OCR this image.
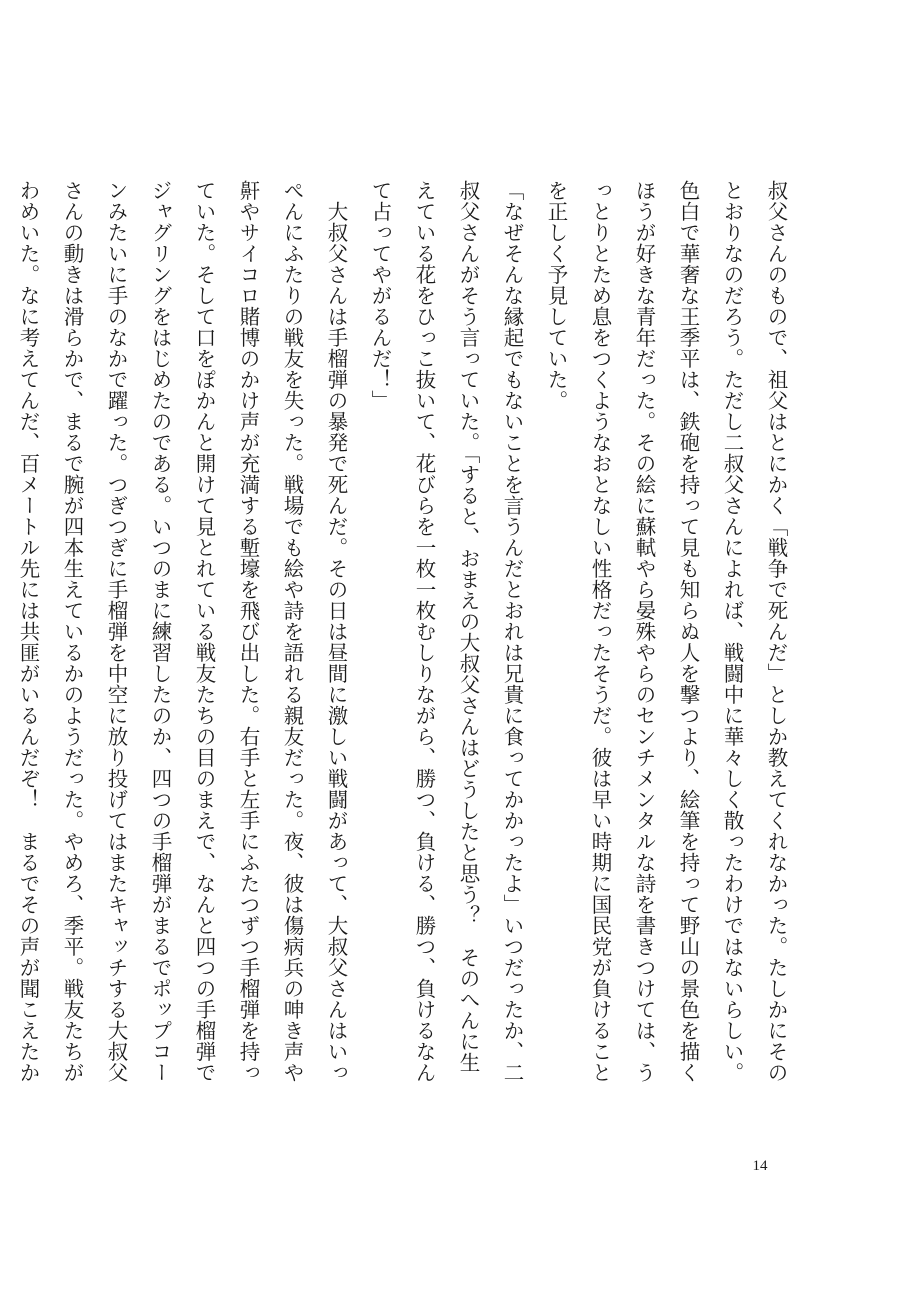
叔父さんのもので、祖父はとにかく「戦争で死んだ」としか教えてくれなかった。たしかにその
とおりなのだろう。ただし二叔父さんによれば、戦闘中に華々しく散ったわけではないらしい。
色白で華奢な王季平は、鉄砲を持って見も知らぬ人を撃つより、絵筆を持って野山の景色を描く
ほうが好きな青年だった。その絵に蘇軾やら晏殊やらのセンチメンタルな詩を書きつけては、う
っとりとため息をつくようなおとなしい性格だったそうだ。彼は早い時期に国民党が負けること
を正しく予見していた。
「なぜそんな縁起でもないことを言うんだとおれは兄貴に食ってかかったよ」いつだったか、二
叔父さんがそう言っていた。「すると、おまえの大叔父さんはどうしたと思う？　そのへんに生
えている花をひっこ抜いて、花びらを一枚一枚むしりながら、勝つ、負ける、勝つ、負けるなん
て占ってやがるんだ！」
　大叔父さんは手榴弾の暴発で死んだ。その日は昼間に激しい戦闘があって、大叔父さんはいっ
ぺんにふたりの戦友を失った。戦場でも絵や詩を語れる親友だった。夜、彼は傷病兵の呻き声や
鼾やサイコロ賭博のかけ声が充満する塹壕を飛び出した。右手と左手にふたつずつ手榴弾を持っ
ていた。そして口をぽかんと開けて見とれている戦友たちの目のまえで、なんと四つの手榴弾で
ジャグリングをはじめたのである。いつのまに練習したのか、四つの手榴弾がまるでポップコー
ンみたいに手のなかで躍った。つぎつぎに手榴弾を中空に放り投げてはまたキャッチする大叔父
さんの動きは滑らかで、まるで腕が四本生えているかのようだった。やめろ、季平。戦友たちが
わめいた。なに考えてんだ、百メートル先には共匪がいるんだぞ！　まるでその声が聞こえたか
14
